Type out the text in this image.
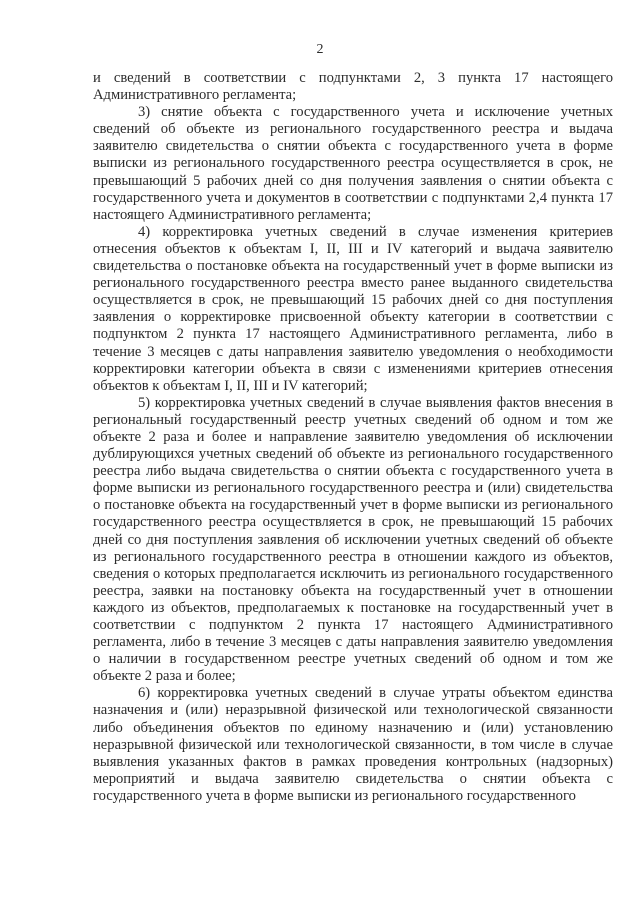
2

и сведений в соответствии с подпунктами 2, 3 пункта 17 настоящего Административного регламента;

3) снятие объекта с государственного учета и исключение учетных сведений об объекте из регионального государственного реестра и выдача заявителю свидетельства о снятии объекта с государственного учета в форме выписки из регионального государственного реестра осуществляется в срок, не превышающий 5 рабочих дней со дня получения заявления о снятии объекта с государственного учета и документов в соответствии с подпунктами 2,4 пункта 17 настоящего Административного регламента;

4) корректировка учетных сведений в случае изменения критериев отнесения объектов к объектам I, II, III и IV категорий и выдача заявителю свидетельства о постановке объекта на государственный учет в форме выписки из регионального государственного реестра вместо ранее выданного свидетельства осуществляется в срок, не превышающий 15 рабочих дней со дня поступления заявления о корректировке присвоенной объекту категории в соответствии с подпунктом 2 пункта 17 настоящего Административного регламента, либо в течение 3 месяцев с даты направления заявителю уведомления о необходимости корректировки категории объекта в связи с изменениями критериев отнесения объектов к объектам I, II, III и IV категорий;

5) корректировка учетных сведений в случае выявления фактов внесения в региональный государственный реестр учетных сведений об одном и том же объекте 2 раза и более и направление заявителю уведомления об исключении дублирующихся учетных сведений об объекте из регионального государственного реестра либо выдача свидетельства о снятии объекта с государственного учета в форме выписки из регионального государственного реестра и (или) свидетельства о постановке объекта на государственный учет в форме выписки из регионального государственного реестра осуществляется в срок, не превышающий 15 рабочих дней со дня поступления заявления об исключении учетных сведений об объекте из регионального государственного реестра в отношении каждого из объектов, сведения о которых предполагается исключить из регионального государственного реестра, заявки на постановку объекта на государственный учет в отношении каждого из объектов, предполагаемых к постановке на государственный учет в соответствии с подпунктом 2 пункта 17 настоящего Административного регламента, либо в течение 3 месяцев с даты направления заявителю уведомления о наличии в государственном реестре учетных сведений об одном и том же объекте 2 раза и более;

6) корректировка учетных сведений в случае утраты объектом единства назначения и (или) неразрывной физической или технологической связанности либо объединения объектов по единому назначению и (или) установлению неразрывной физической или технологической связанности, в том числе в случае выявления указанных фактов в рамках проведения контрольных (надзорных) мероприятий и выдача заявителю свидетельства о снятии объекта с государственного учета в форме выписки из регионального государственного
